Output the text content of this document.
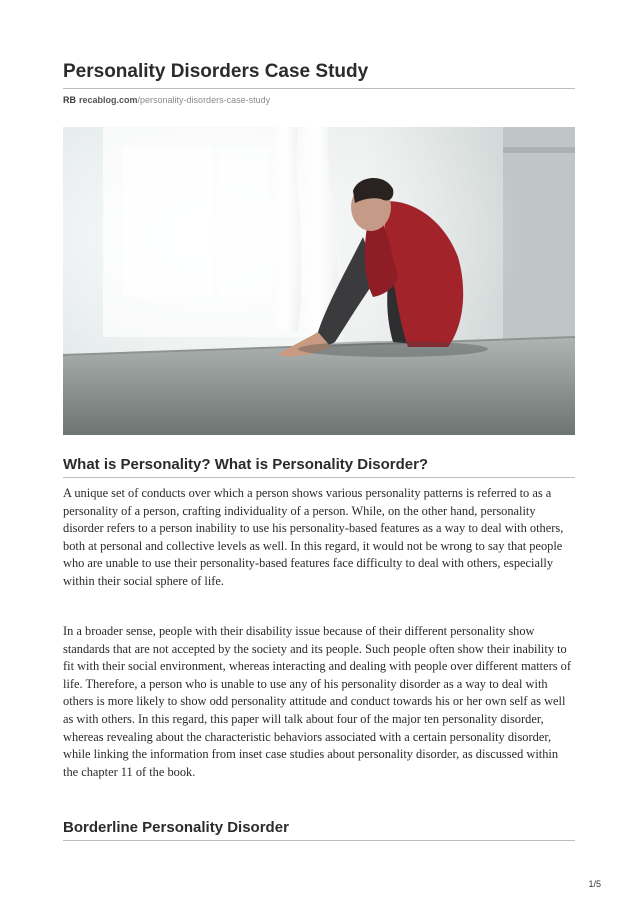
Personality Disorders Case Study
RB recablog.com/personality-disorders-case-study
What is Personality? What is Personality Disorder?

A unique set of conducts over which a person shows various personality patterns is referred to as a personality of a person, crafting individuality of a person. While, on the other hand, personality disorder refers to a person inability to use his personality-based features as a way to deal with others, both at personal and collective levels as well. In this regard, it would not be wrong to say that people who are unable to use their personality-based features face difficulty to deal with others, especially within their social sphere of life.

In a broader sense, people with their disability issue because of their different personality show standards that are not accepted by the society and its people. Such people often show their inability to fit with their social environment, whereas interacting and dealing with people over different matters of life. Therefore, a person who is unable to use any of his personality disorder as a way to deal with others is more likely to show odd personality attitude and conduct towards his or her own self as well as with others. In this regard, this paper will talk about four of the major ten personality disorder, whereas revealing about the characteristic behaviors associated with a certain personality disorder, while linking the information from inset case studies about personality disorder, as discussed within the chapter 11 of the book.

Borderline Personality Disorder
1/5
